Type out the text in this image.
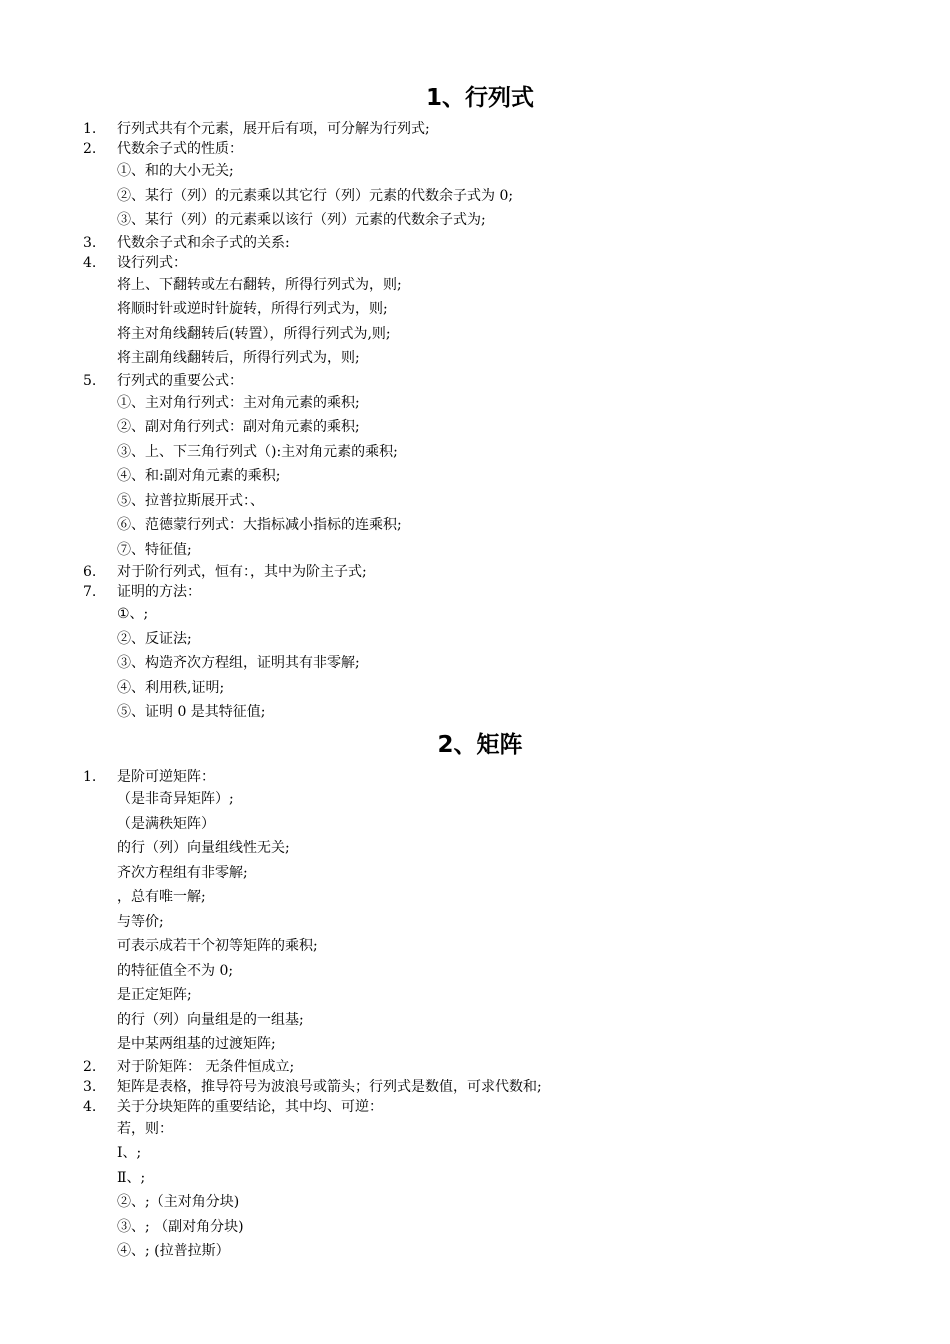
1、行列式
1.	行列式共有个元素，展开后有项，可分解为行列式;
2.	代数余子式的性质：
①、和的大小无关;
②、某行（列）的元素乘以其它行（列）元素的代数余子式为 0;
③、某行（列）的元素乘以该行（列）元素的代数余子式为;
3.	代数余子式和余子式的关系:
4.	设行列式：
将上、下翻转或左右翻转，所得行列式为，则;
将顺时针或逆时针旋转，所得行列式为，则;
将主对角线翻转后(转置），所得行列式为,则;
将主副角线翻转后，所得行列式为，则;
5.	行列式的重要公式：
①、主对角行列式：主对角元素的乘积;
②、副对角行列式：副对角元素的乘积;
③、上、下三角行列式（):主对角元素的乘积;
④、和:副对角元素的乘积;
⑤、拉普拉斯展开式：、
⑥、范德蒙行列式：大指标减小指标的连乘积;
⑦、特征值;
6.	对于阶行列式，恒有：，其中为阶主子式;
7.	证明的方法：
①、;
②、反证法;
③、构造齐次方程组，证明其有非零解;
④、利用秩,证明;
⑤、证明 0 是其特征值;
2、矩阵
1.	是阶可逆矩阵：
（是非奇异矩阵）;
（是满秩矩阵）
的行（列）向量组线性无关;
齐次方程组有非零解;
，总有唯一解;
与等价;
可表示成若干个初等矩阵的乘积;
的特征值全不为 0;
是正定矩阵;
的行（列）向量组是的一组基;
是中某两组基的过渡矩阵;
2.	对于阶矩阵： 无条件恒成立;
3.	矩阵是表格，推导符号为波浪号或箭头；行列式是数值，可求代数和;
4.	关于分块矩阵的重要结论，其中均、可逆：
若，则：
Ⅰ、;
Ⅱ、;
②、;（主对角分块)
③、; （副对角分块)
④、; (拉普拉斯）
